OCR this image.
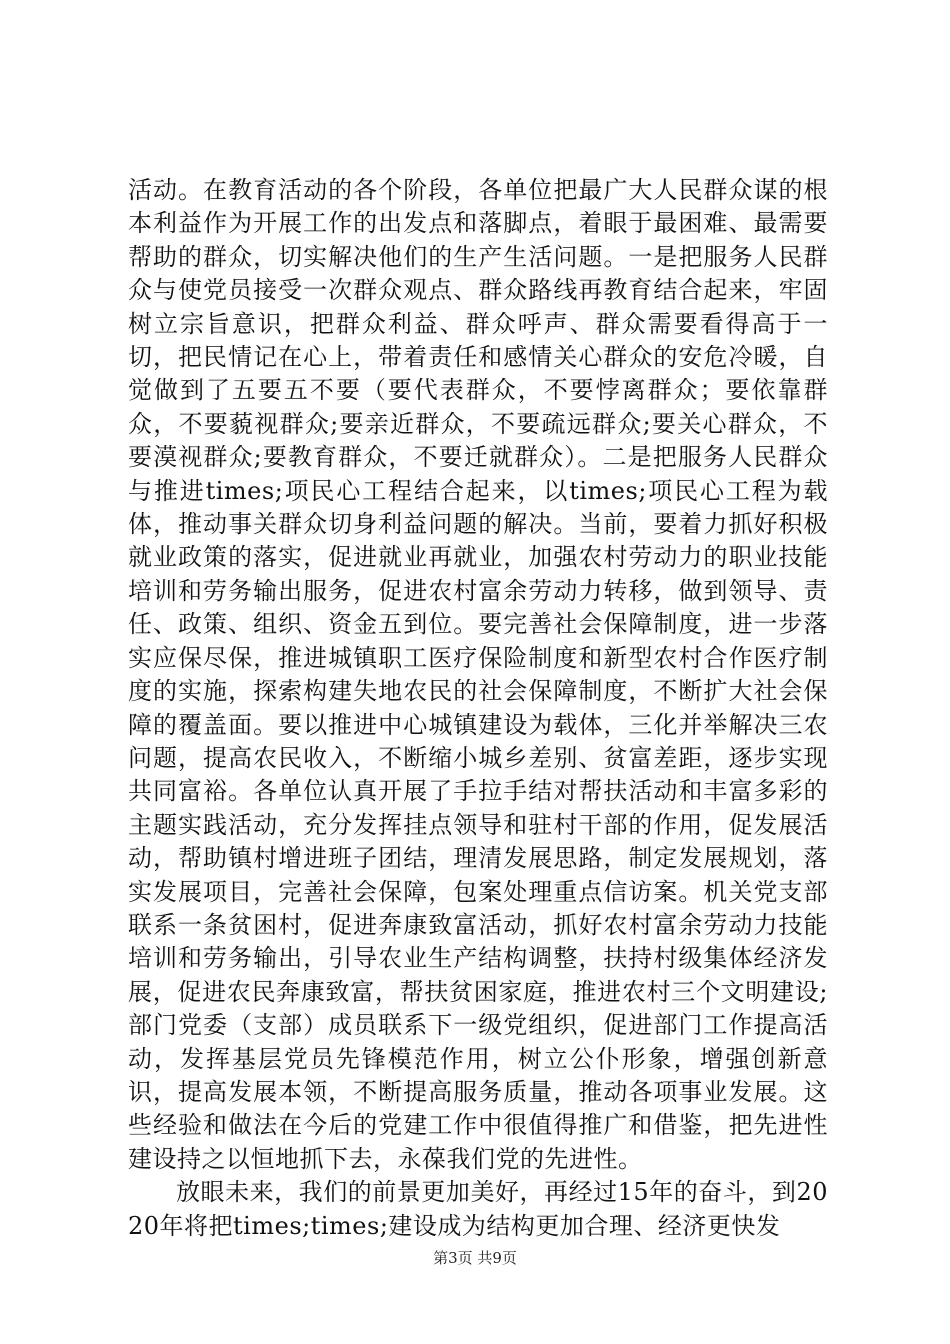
活动。在教育活动的各个阶段，各单位把最广大人民群众谋的根本利益作为开展工作的出发点和落脚点，着眼于最困难、最需要帮助的群众，切实解决他们的生产生活问题。一是把服务人民群众与使党员接受一次群众观点、群众路线再教育结合起来，牢固树立宗旨意识，把群众利益、群众呼声、群众需要看得高于一切，把民情记在心上，带着责任和感情关心群众的安危冷暖，自觉做到了五要五不要（要代表群众，不要悖离群众；要依靠群众，不要藐视群众;要亲近群众，不要疏远群众;要关心群众，不要漠视群众;要教育群众，不要迁就群众）。二是把服务人民群众与推进times;项民心工程结合起来，以times;项民心工程为载体，推动事关群众切身利益问题的解决。当前，要着力抓好积极就业政策的落实，促进就业再就业，加强农村劳动力的职业技能培训和劳务输出服务，促进农村富余劳动力转移，做到领导、责任、政策、组织、资金五到位。要完善社会保障制度，进一步落实应保尽保，推进城镇职工医疗保险制度和新型农村合作医疗制度的实施，探索构建失地农民的社会保障制度，不断扩大社会保障的覆盖面。要以推进中心城镇建设为载体，三化并举解决三农问题，提高农民收入，不断缩小城乡差别、贫富差距，逐步实现共同富裕。各单位认真开展了手拉手结对帮扶活动和丰富多彩的主题实践活动，充分发挥挂点领导和驻村干部的作用，促发展活动，帮助镇村增进班子团结，理清发展思路，制定发展规划，落实发展项目，完善社会保障，包案处理重点信访案。机关党支部联系一条贫困村，促进奔康致富活动，抓好农村富余劳动力技能培训和劳务输出，引导农业生产结构调整，扶持村级集体经济发展，促进农民奔康致富，帮扶贫困家庭，推进农村三个文明建设;部门党委（支部）成员联系下一级党组织，促进部门工作提高活动，发挥基层党员先锋模范作用，树立公仆形象，增强创新意识，提高发展本领，不断提高服务质量，推动各项事业发展。这些经验和做法在今后的党建工作中很值得推广和借鉴，把先进性建设持之以恒地抓下去，永葆我们党的先进性。

放眼未来，我们的前景更加美好，再经过15年的奋斗，到2020年将把times;times;建设成为结构更加合理、经济更快发

第3页 共9页
